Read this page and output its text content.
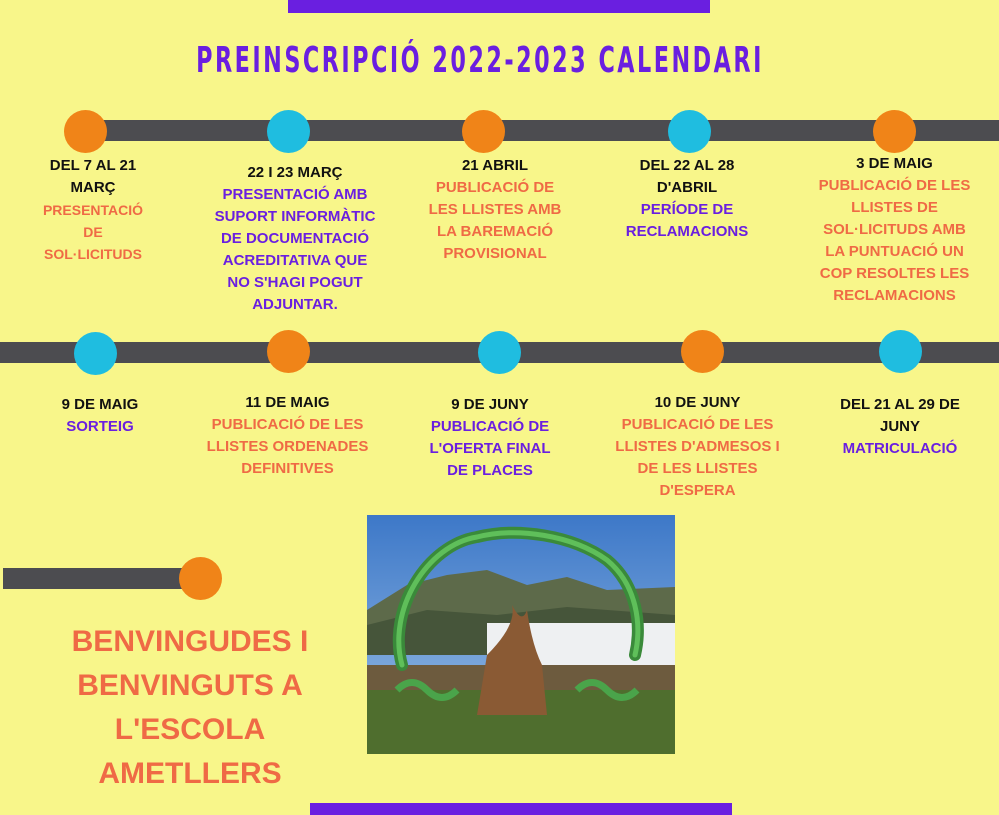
PREINSCRIPCIÓ 2022-2023 CALENDARI
DEL 7 AL 21 MARÇ
PRESENTACIÓ DE SOL·LICITUDS
22 I 23 MARÇ
PRESENTACIÓ AMB SUPORT INFORMÀTIC DE DOCUMENTACIÓ ACREDITATIVA QUE NO S'HAGI POGUT ADJUNTAR.
21 ABRIL
PUBLICACIÓ DE LES LLISTES AMB LA BAREMACIÓ PROVISIONAL
DEL 22 AL 28 D'ABRIL
PERÍODE DE RECLAMACIONS
3 DE MAIG
PUBLICACIÓ DE LES LLISTES DE SOL·LICITUDS AMB LA PUNTUACIÓ UN COP RESOLTES LES RECLAMACIONS
9 DE MAIG
SORTEIG
11 DE MAIG
PUBLICACIÓ DE LES LLISTES ORDENADES DEFINITIVES
9 DE JUNY
PUBLICACIÓ DE L'OFERTA FINAL DE PLACES
10 DE JUNY
PUBLICACIÓ DE LES LLISTES D'ADMESOS I DE LES LLISTES D'ESPERA
DEL 21 AL 29 DE JUNY
MATRICULACIÓ
BENVINGUDES I BENVINGUTS A L'ESCOLA AMETLLERS
